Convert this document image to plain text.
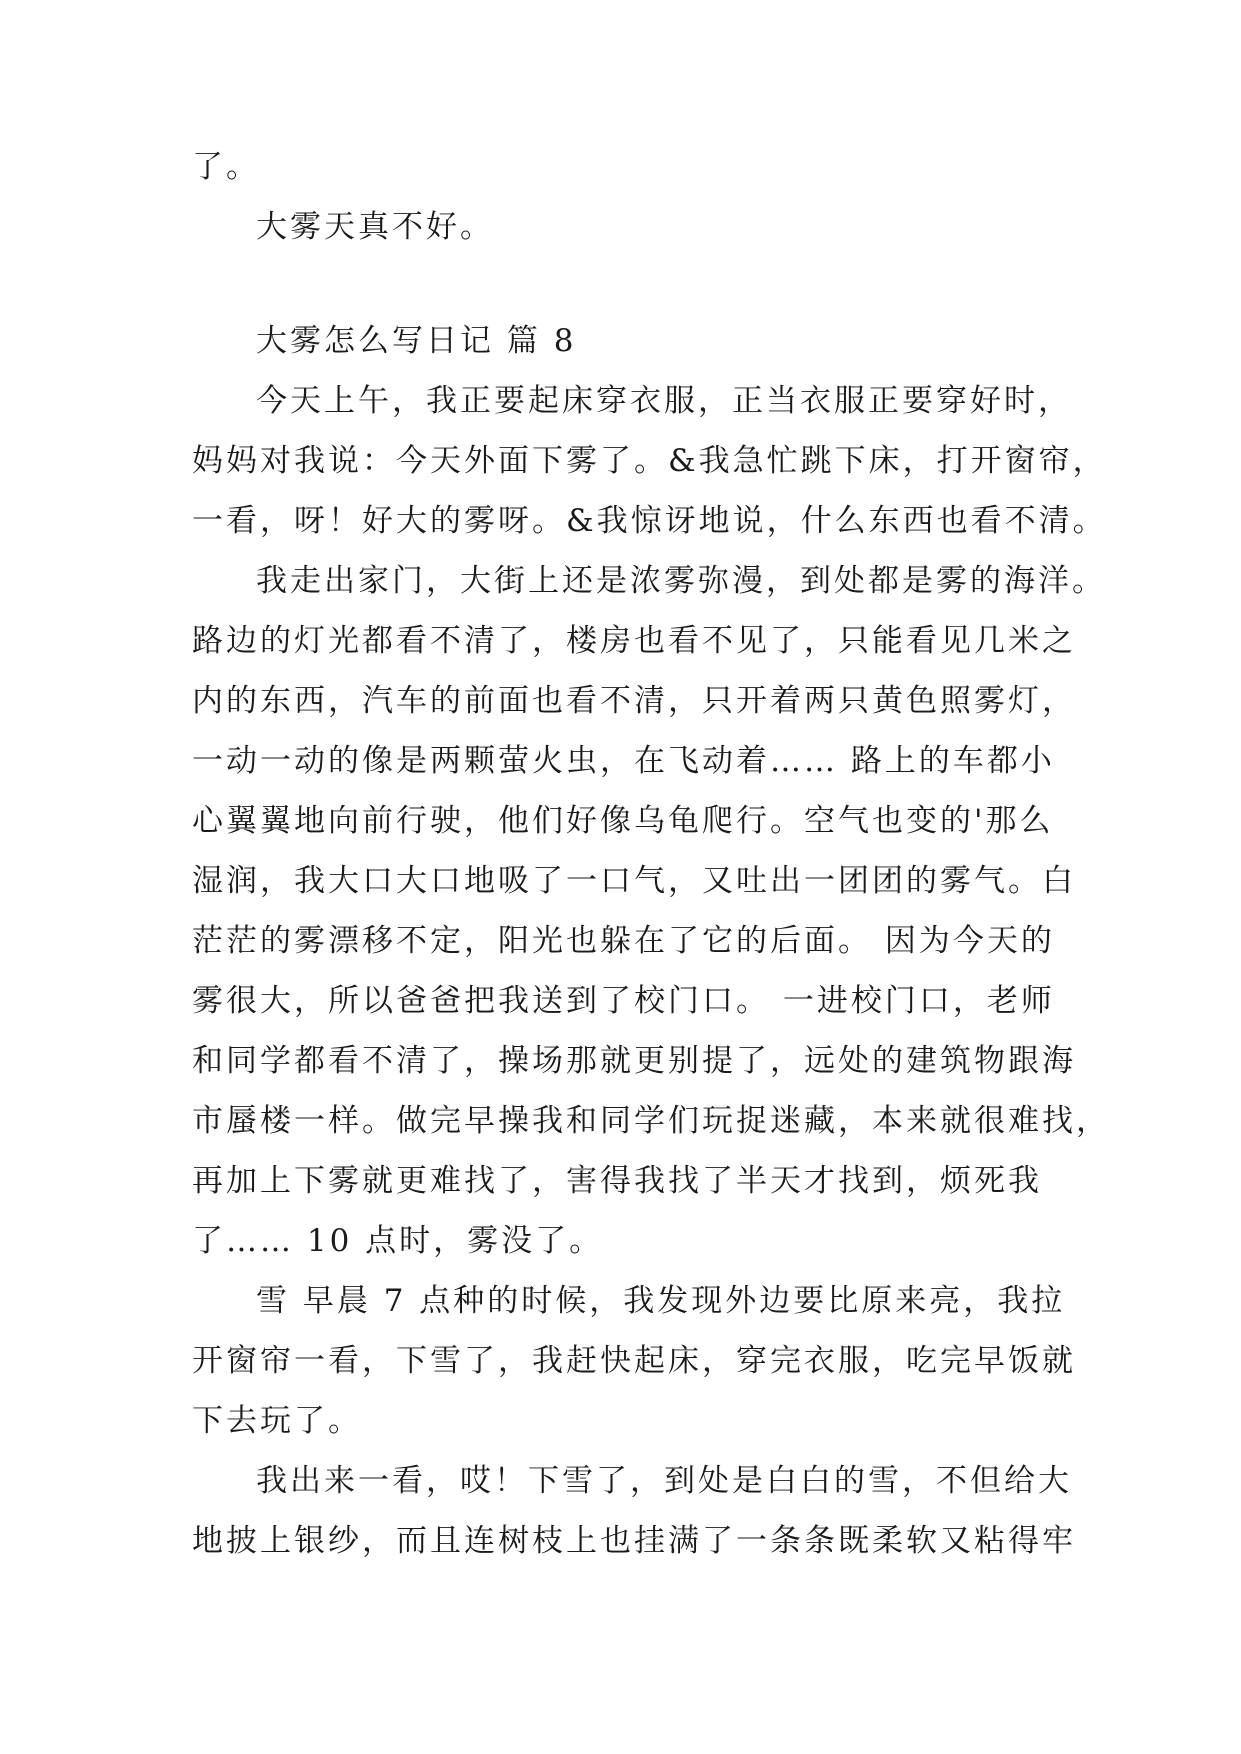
了。
大雾天真不好。
大雾怎么写日记 篇 8
今天上午，我正要起床穿衣服，正当衣服正要穿好时，
妈妈对我说：今天外面下雾了。&我急忙跳下床，打开窗帘，
一看，呀！好大的雾呀。&我惊讶地说，什么东西也看不清。
我走出家门，大街上还是浓雾弥漫，到处都是雾的海洋。
路边的灯光都看不清了，楼房也看不见了，只能看见几米之
内的东西，汽车的前面也看不清，只开着两只黄色照雾灯，
一动一动的像是两颗萤火虫，在飞动着…… 路上的车都小
心翼翼地向前行驶，他们好像乌龟爬行。空气也变的'那么
湿润，我大口大口地吸了一口气，又吐出一团团的雾气。白
茫茫的雾漂移不定，阳光也躲在了它的后面。 因为今天的
雾很大，所以爸爸把我送到了校门口。 一进校门口，老师
和同学都看不清了，操场那就更别提了，远处的建筑物跟海
市蜃楼一样。做完早操我和同学们玩捉迷藏，本来就很难找，
再加上下雾就更难找了，害得我找了半天才找到，烦死我
了…… 10 点时，雾没了。
雪 早晨 7 点种的时候，我发现外边要比原来亮，我拉
开窗帘一看，下雪了，我赶快起床，穿完衣服，吃完早饭就
下去玩了。
我出来一看，哎！下雪了，到处是白白的雪，不但给大
地披上银纱，而且连树枝上也挂满了一条条既柔软又粘得牢
